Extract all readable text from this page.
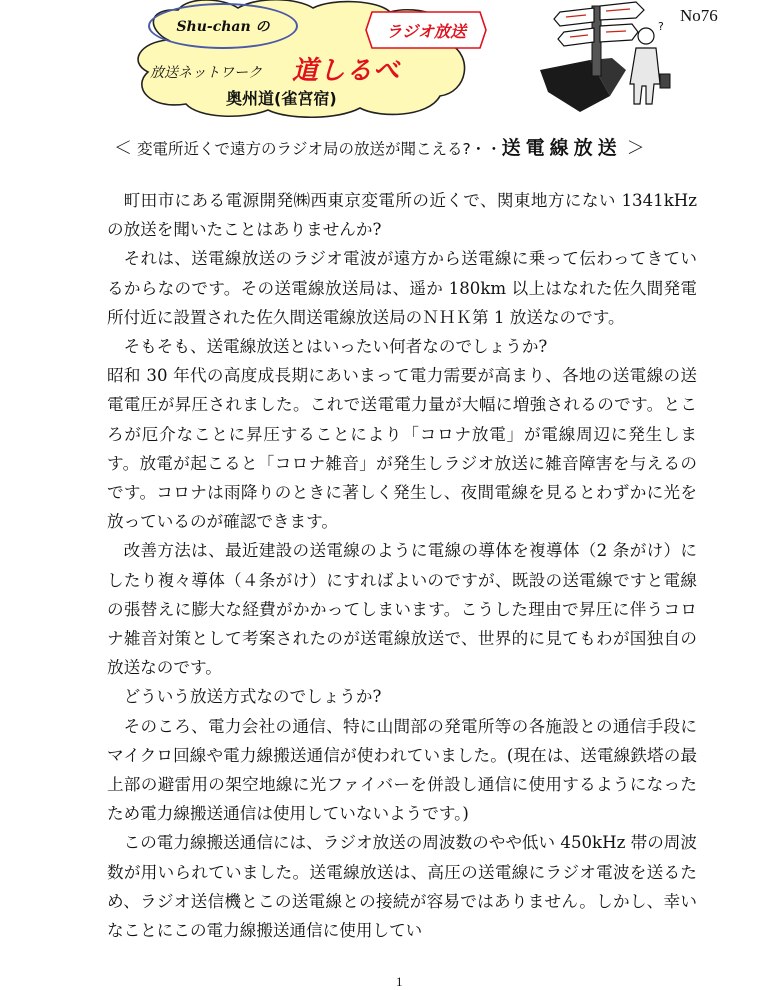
Shu-chan の	ラジオ放送
放送ネットワーク 道しるべ
奥州道(雀宮宿)
?
No76
＜ 変電所近くで遠方のラジオ局の放送が聞こえる?・・送電線放送 ＞

町田市にある電源開発㈱西東京変電所の近くで、関東地方にない 1341kHz の放送を聞いたことはありませんか?

それは、送電線放送のラジオ電波が遠方から送電線に乗って伝わってきているからなのです。その送電線放送局は、遥か 180km 以上はなれた佐久間発電所付近に設置された佐久間送電線放送局のＮＨＫ第 1 放送なのです。

そもそも、送電線放送とはいったい何者なのでしょうか?

昭和 30 年代の高度成長期にあいまって電力需要が高まり、各地の送電線の送電電圧が昇圧されました。これで送電電力量が大幅に増強されるのです。ところが厄介なことに昇圧することにより「コロナ放電」が電線周辺に発生します。放電が起こると「コロナ雑音」が発生しラジオ放送に雑音障害を与えるのです。コロナは雨降りのときに著しく発生し、夜間電線を見るとわずかに光を放っているのが確認できます。

改善方法は、最近建設の送電線のように電線の導体を複導体（2 条がけ）にしたり複々導体（４条がけ）にすればよいのですが、既設の送電線ですと電線の張替えに膨大な経費がかかってしまいます。こうした理由で昇圧に伴うコロナ雑音対策として考案されたのが送電線放送で、世界的に見てもわが国独自の放送なのです。

どういう放送方式なのでしょうか?

そのころ、電力会社の通信、特に山間部の発電所等の各施設との通信手段にマイクロ回線や電力線搬送通信が使われていました。(現在は、送電線鉄塔の最上部の避雷用の架空地線に光ファイバーを併設し通信に使用するようになったため電力線搬送通信は使用していないようです。)

この電力線搬送通信には、ラジオ放送の周波数のやや低い 450kHz 帯の周波数が用いられていました。送電線放送は、高圧の送電線にラジオ電波を送るため、ラジオ送信機とこの送電線との接続が容易ではありません。しかし、幸いなことにこの電力線搬送通信に使用してい

1
